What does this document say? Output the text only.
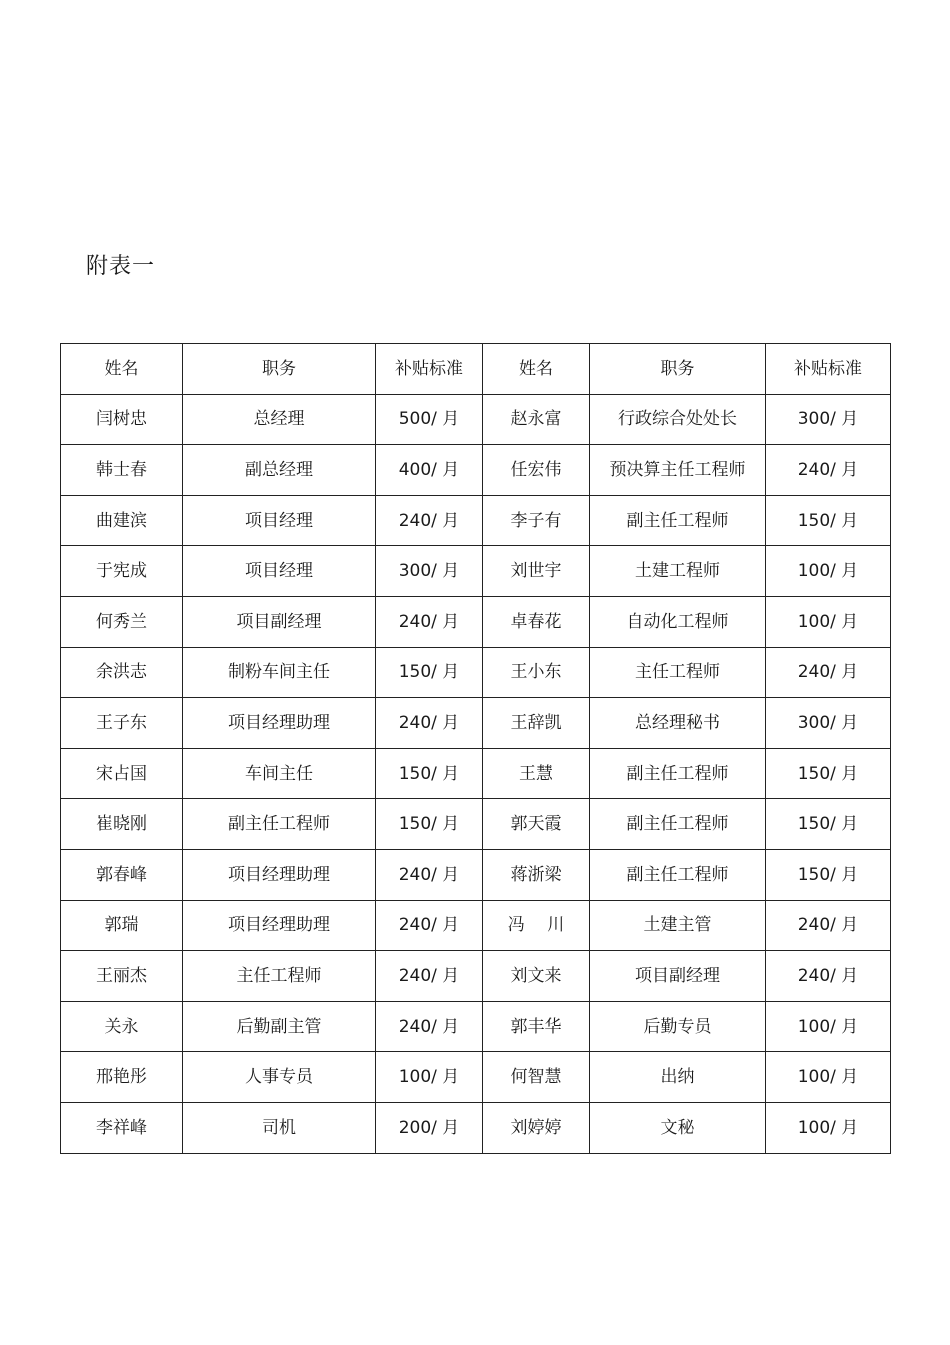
附表一
姓名	职务	补贴标准	姓名	职务	补贴标准
闫树忠	总经理	500/ 月	赵永富	行政综合处处长	300/ 月
韩士春	副总经理	400/ 月	任宏伟	预决算主任工程师	240/ 月
曲建滨	项目经理	240/ 月	李子有	副主任工程师	150/ 月
于宪成	项目经理	300/ 月	刘世宇	土建工程师	100/ 月
何秀兰	项目副经理	240/ 月	卓春花	自动化工程师	100/ 月
余洪志	制粉车间主任	150/ 月	王小东	主任工程师	240/ 月
王子东	项目经理助理	240/ 月	王辞凯	总经理秘书	300/ 月
宋占国	车间主任	150/ 月	王慧	副主任工程师	150/ 月
崔晓刚	副主任工程师	150/ 月	郭天霞	副主任工程师	150/ 月
郭春峰	项目经理助理	240/ 月	蒋浙梁	副主任工程师	150/ 月
郭瑞	项目经理助理	240/ 月	冯　 川	土建主管	240/ 月
王丽杰	主任工程师	240/ 月	刘文来	项目副经理	240/ 月
关永	后勤副主管	240/ 月	郭丰华	后勤专员	100/ 月
邢艳彤	人事专员	100/ 月	何智慧	出纳	100/ 月
李祥峰	司机	200/ 月	刘婷婷	文秘	100/ 月
